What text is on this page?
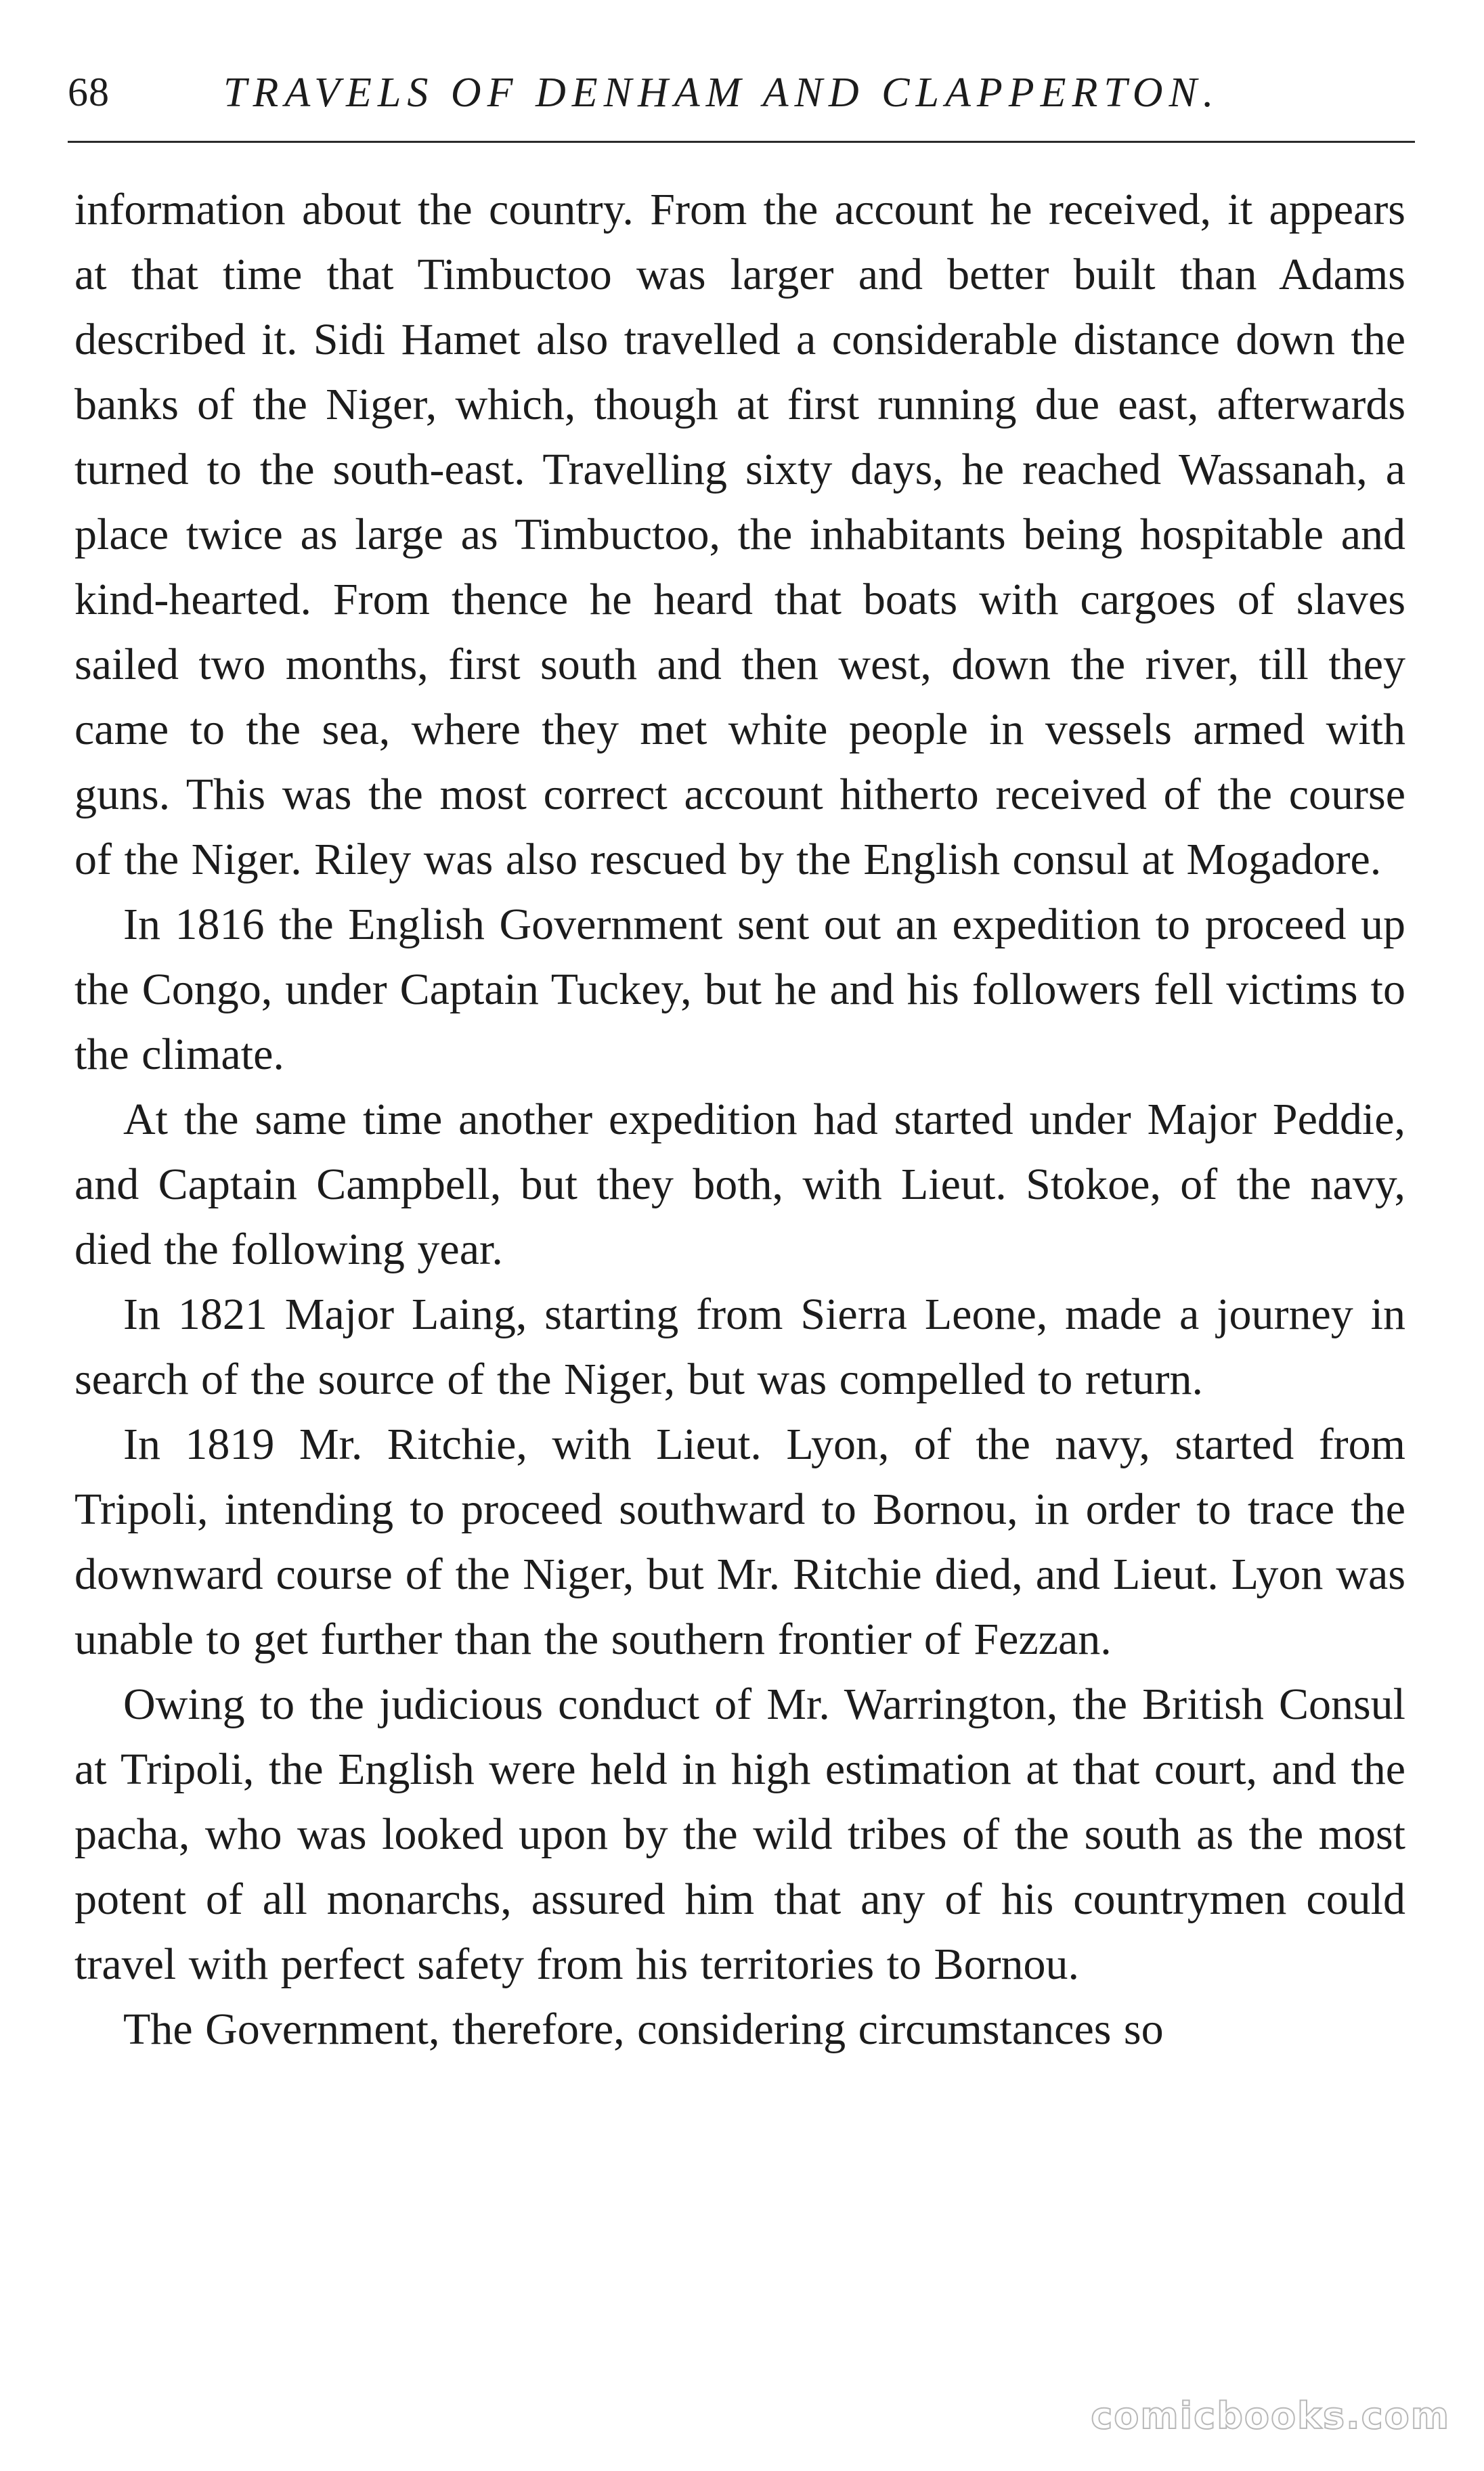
68	TRAVELS OF DENHAM AND CLAPPERTON.

information about the country. From the account he received, it appears at that time that Timbuctoo was larger and better built than Adams described it. Sidi Hamet also travelled a considerable distance down the banks of the Niger, which, though at first running due east, afterwards turned to the south-east. Travelling sixty days, he reached Wassanah, a place twice as large as Timbuctoo, the inhabitants being hospitable and kind-hearted. From thence he heard that boats with cargoes of slaves sailed two months, first south and then west, down the river, till they came to the sea, where they met white people in vessels armed with guns. This was the most correct account hitherto received of the course of the Niger. Riley was also rescued by the English consul at Mogadore.

In 1816 the English Government sent out an expedition to proceed up the Congo, under Captain Tuckey, but he and his followers fell victims to the climate.

At the same time another expedition had started under Major Peddie, and Captain Campbell, but they both, with Lieut. Stokoe, of the navy, died the following year.

In 1821 Major Laing, starting from Sierra Leone, made a journey in search of the source of the Niger, but was compelled to return.

In 1819 Mr. Ritchie, with Lieut. Lyon, of the navy, started from Tripoli, intending to proceed southward to Bornou, in order to trace the downward course of the Niger, but Mr. Ritchie died, and Lieut. Lyon was unable to get further than the southern frontier of Fezzan.

Owing to the judicious conduct of Mr. Warrington, the British Consul at Tripoli, the English were held in high estimation at that court, and the pacha, who was looked upon by the wild tribes of the south as the most potent of all monarchs, assured him that any of his countrymen could travel with perfect safety from his territories to Bornou.

The Government, therefore, considering circumstances so

comicbooks.com
